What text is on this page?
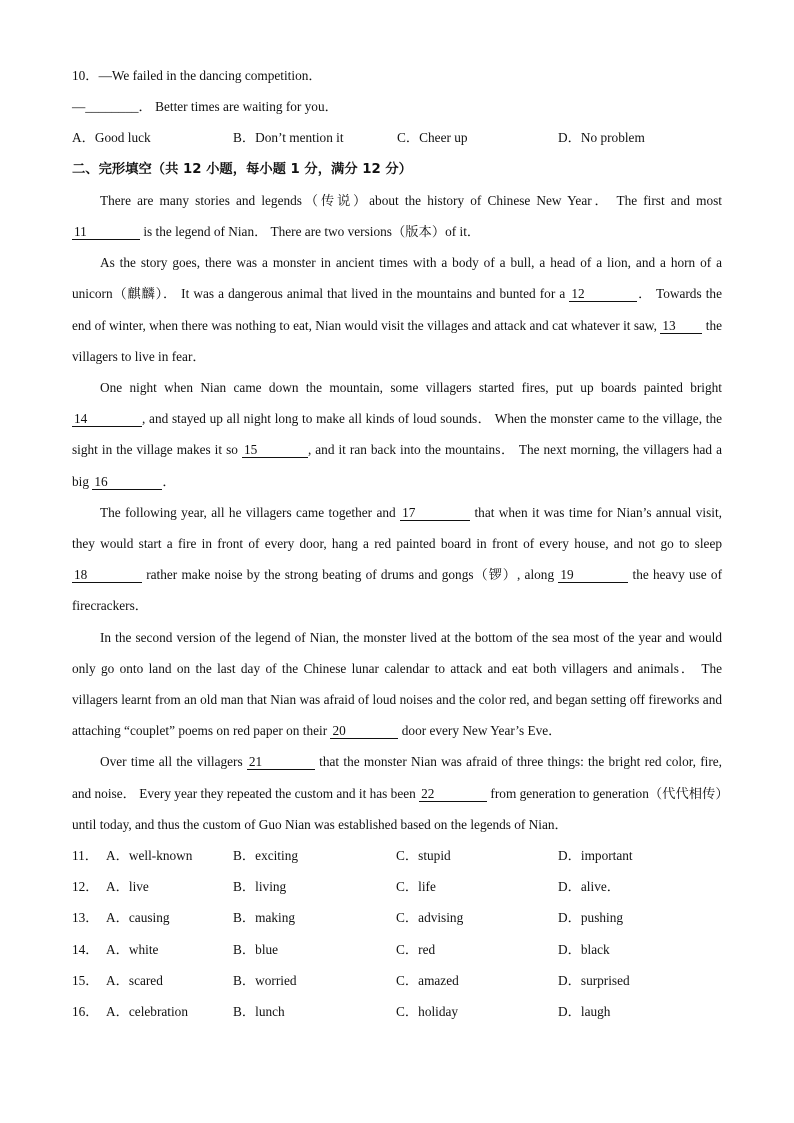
10．—We failed in the dancing competition．
—________． Better times are waiting for you．
A．Good luck	B．Don’t mention it	C．Cheer up	D．No problem
二、完形填空（共 12 小题，每小题 1 分，满分 12 分）
There are many stories and legends（传说）about the history of Chinese New Year． The first and most 11	is the legend of Nian． There are two versions（版本）of it．
As the story goes, there was a monster in ancient times with a body of a bull, a head of a lion, and a horn of a unicorn（麒麟）． It was a dangerous animal that lived in the mountains and bunted for a 12	． Towards the end of winter, when there was nothing to eat, Nian would visit the villages and attack and cat whatever it saw, 13 the villagers to live in fear．
One night when Nian came down the mountain, some villagers started fires, put up boards painted bright 14	, and stayed up all night long to make all kinds of loud sounds． When the monster came to the village, the sight in the village makes it so 15	, and it ran back into the mountains． The next morning, the villagers had a big 16	．
The following year, all he villagers came together and 17	that when it was time for Nian’s annual visit, they would start a fire in front of every door, hang a red painted board in front of every house, and not go to sleep 18	rather make noise by the strong beating of drums and gongs（锣）, along 19	the heavy use of firecrackers．
In the second version of the legend of Nian, the monster lived at the bottom of the sea most of the year and would only go onto land on the last day of the Chinese lunar calendar to attack and eat both villagers and animals． The villagers learnt from an old man that Nian was afraid of loud noises and the color red, and began setting off fireworks and attaching “couplet” poems on red paper on their 20	door every New Year’s Eve．
Over time all the villagers 21	that the monster Nian was afraid of three things: the bright red color, fire, and noise． Every year they repeated the custom and it has been 22	from generation to generation（代代相传）until today, and thus the custom of Guo Nian was established based on the legends of Nian．
11． A．well-known	B．exciting	C．stupid	D．important
12． A．live	B．living	C．life	D．alive．
13． A．causing	B．making	C．advising	D．pushing
14． A．white	B．blue	C．red	D．black
15． A．scared	B．worried	C．amazed	D．surprised
16． A．celebration	B．lunch	C．holiday	D．laugh
